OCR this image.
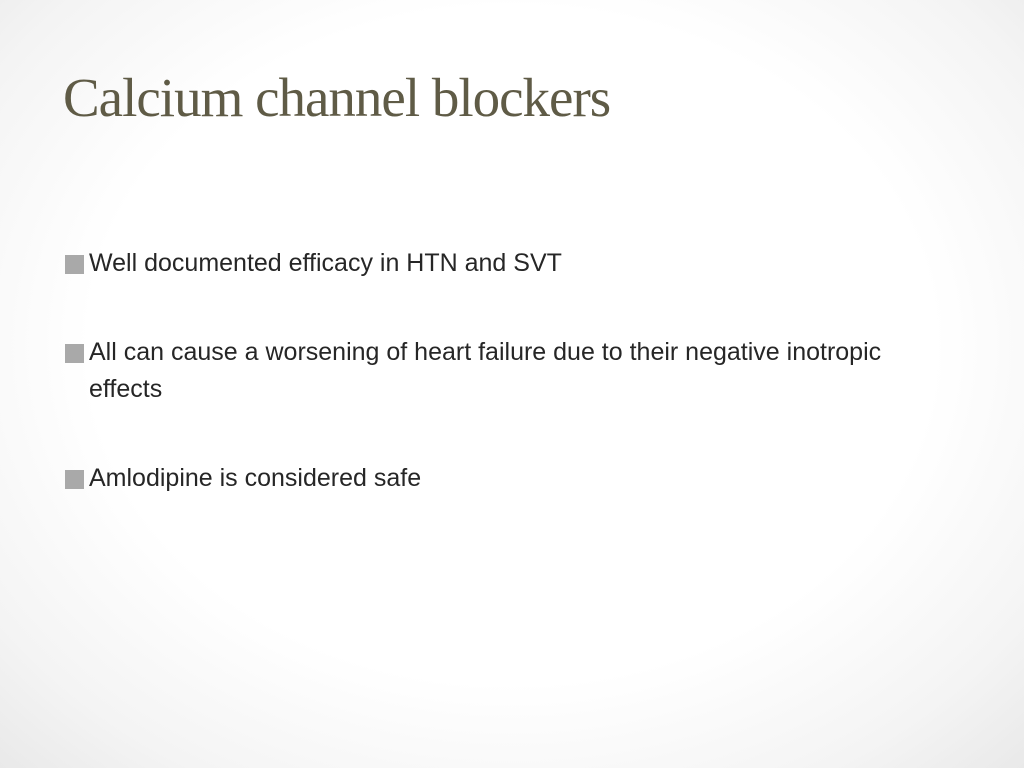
Calcium channel blockers
Well documented efficacy in HTN and SVT
All can cause a worsening of heart failure due to their negative inotropic effects
Amlodipine is considered safe
